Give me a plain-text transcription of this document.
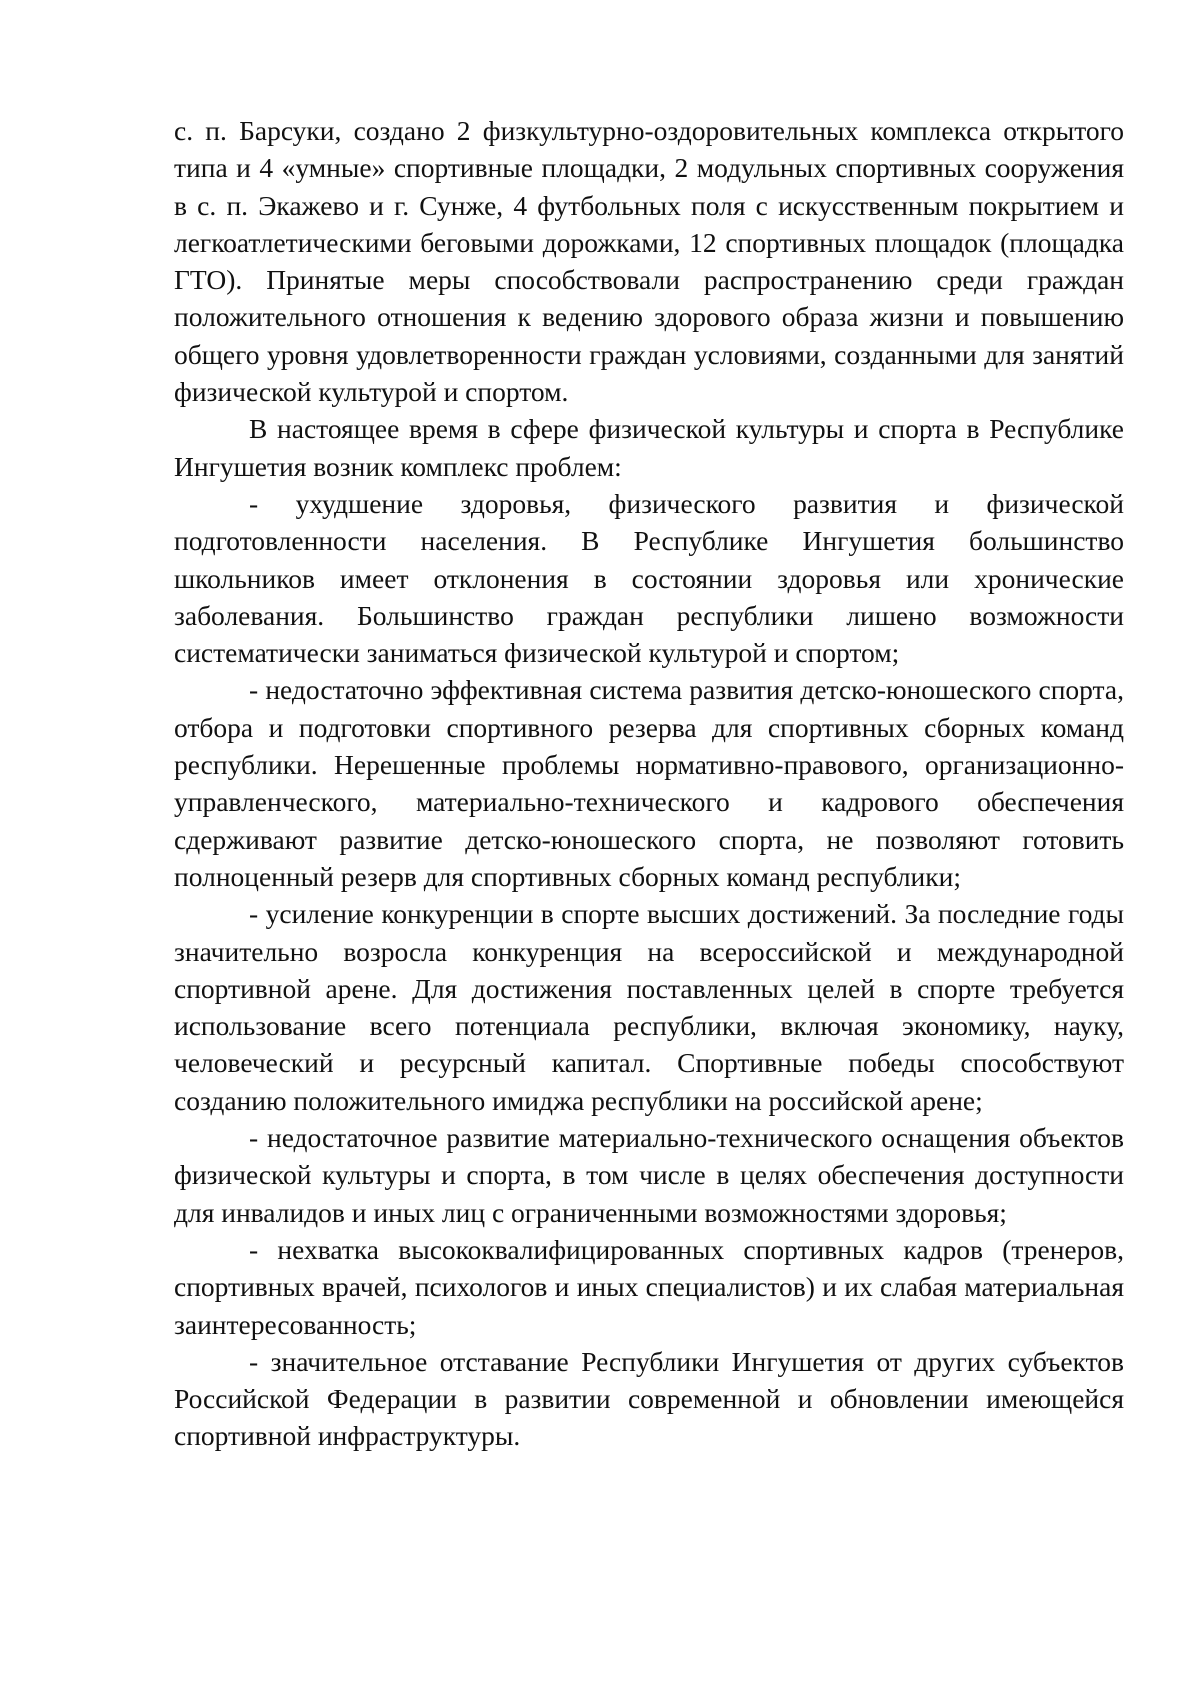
с. п. Барсуки, создано 2 физкультурно-оздоровительных комплекса открытого типа и 4 «умные» спортивные площадки, 2 модульных спортивных сооружения в с. п. Экажево и г. Сунже, 4 футбольных поля с искусственным покрытием и легкоатлетическими беговыми дорожками, 12 спортивных площадок (площадка ГТО). Принятые меры способствовали распространению среди граждан положительного отношения к ведению здорового образа жизни и повышению общего уровня удовлетворенности граждан условиями, созданными для занятий физической культурой и спортом.

В настоящее время в сфере физической культуры и спорта в Республике Ингушетия возник комплекс проблем:

- ухудшение здоровья, физического развития и физической подготовленности населения. В Республике Ингушетия большинство школьников имеет отклонения в состоянии здоровья или хронические заболевания. Большинство граждан республики лишено возможности систематически заниматься физической культурой и спортом;

- недостаточно эффективная система развития детско-юношеского спорта, отбора и подготовки спортивного резерва для спортивных сборных команд республики. Нерешенные проблемы нормативно-правового, организационно-управленческого, материально-технического и кадрового обеспечения сдерживают развитие детско-юношеского спорта, не позволяют готовить полноценный резерв для спортивных сборных команд республики;

- усиление конкуренции в спорте высших достижений. За последние годы значительно возросла конкуренция на всероссийской и международной спортивной арене. Для достижения поставленных целей в спорте требуется использование всего потенциала республики, включая экономику, науку, человеческий и ресурсный капитал. Спортивные победы способствуют созданию положительного имиджа республики на российской арене;

- недостаточное развитие материально-технического оснащения объектов физической культуры и спорта, в том числе в целях обеспечения доступности для инвалидов и иных лиц с ограниченными возможностями здоровья;

- нехватка высококвалифицированных спортивных кадров (тренеров, спортивных врачей, психологов и иных специалистов) и их слабая материальная заинтересованность;

- значительное отставание Республики Ингушетия от других субъектов Российской Федерации в развитии современной и обновлении имеющейся спортивной инфраструктуры.
